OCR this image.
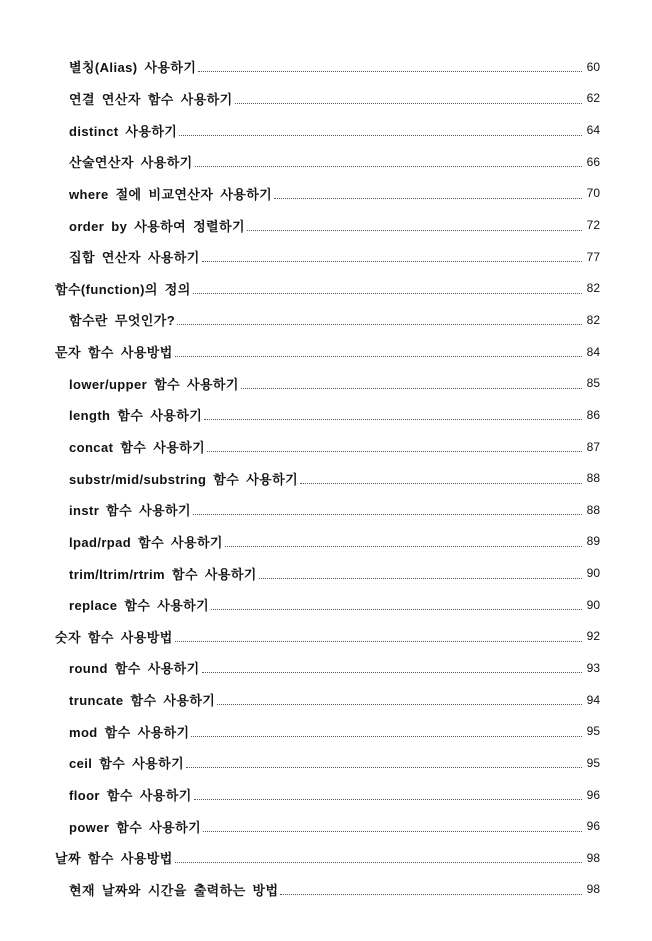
별칭(Alias) 사용하기	60
연결 연산자 함수 사용하기	62
distinct 사용하기	64
산술연산자 사용하기	66
where 절에 비교연산자 사용하기	70
order by 사용하여 정렬하기	72
집합 연산자 사용하기	77
함수(function)의 정의	82
함수란 무엇인가?	82
문자 함수 사용방법	84
lower/upper 함수 사용하기	85
length 함수 사용하기	86
concat 함수 사용하기	87
substr/mid/substring 함수 사용하기	88
instr 함수 사용하기	88
lpad/rpad 함수 사용하기	89
trim/ltrim/rtrim 함수 사용하기	90
replace 함수 사용하기	90
숫자 함수 사용방법	92
round 함수 사용하기	93
truncate 함수 사용하기	94
mod 함수 사용하기	95
ceil 함수 사용하기	95
floor 함수 사용하기	96
power 함수 사용하기	96
날짜 함수 사용방법	98
현재 날짜와 시간을 출력하는 방법	98
